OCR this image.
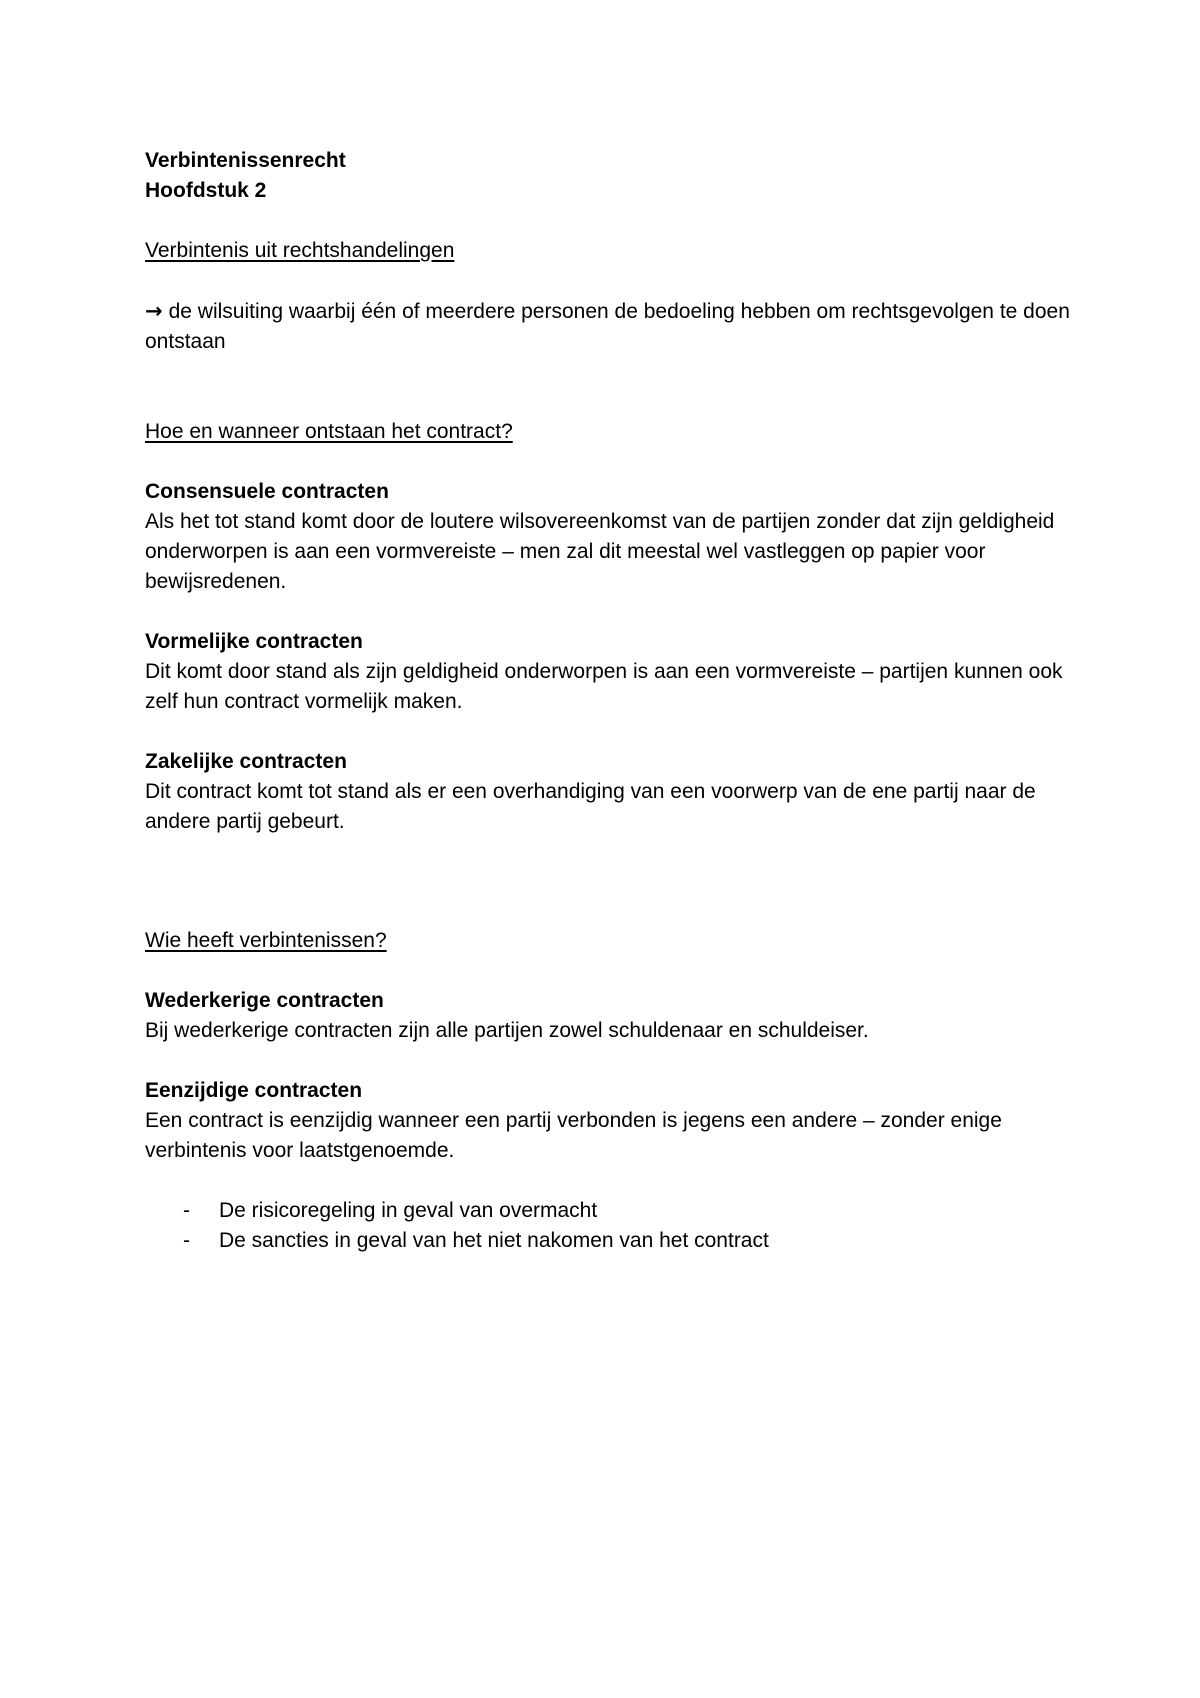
Verbintenissenrecht
Hoofdstuk 2
Verbintenis uit rechtshandelingen

→ de wilsuiting waarbij één of meerdere personen de bedoeling hebben om rechtsgevolgen te doen ontstaan

Hoe en wanneer ontstaan het contract?
Consensuele contracten

Als het tot stand komt door de loutere wilsovereenkomst van de partijen zonder dat zijn geldigheid onderworpen is aan een vormvereiste – men zal dit meestal wel vastleggen op papier voor bewijsredenen.

Vormelijke contracten

Dit komt door stand als zijn geldigheid onderworpen is aan een vormvereiste – partijen kunnen ook zelf hun contract vormelijk maken.

Zakelijke contracten

Dit contract komt tot stand als er een overhandiging van een voorwerp van de ene partij naar de andere partij gebeurt.

Wie heeft verbintenissen?
Wederkerige contracten

Bij wederkerige contracten zijn alle partijen zowel schuldenaar en schuldeiser.

Eenzijdige contracten

Een contract is eenzijdig wanneer een partij verbonden is jegens een andere – zonder enige verbintenis voor laatstgenoemde.

- De risicoregeling in geval van overmacht
- De sancties in geval van het niet nakomen van het contract
